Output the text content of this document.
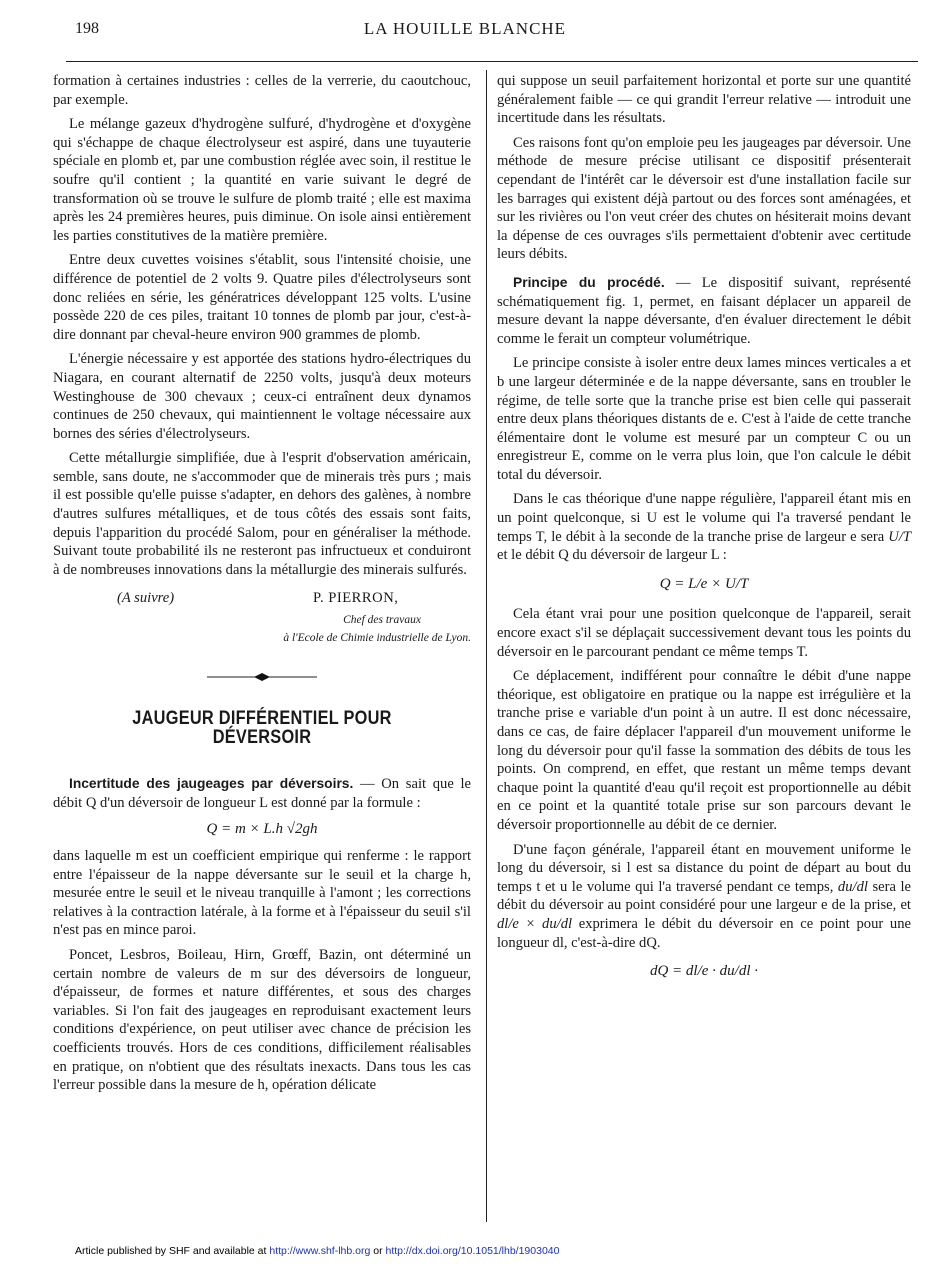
198	LA HOUILLE BLANCHE

formation à certaines industries : celles de la verrerie, du caoutchouc, par exemple.

Le mélange gazeux d'hydrogène sulfuré, d'hydrogène et d'oxygène qui s'échappe de chaque électrolyseur est aspiré, dans une tuyauterie spéciale en plomb et, par une combustion réglée avec soin, il restitue le soufre qu'il contient ; la quantité en varie suivant le degré de transformation où se trouve le sulfure de plomb traité ; elle est maxima après les 24 premières heures, puis diminue. On isole ainsi entièrement les parties constitutives de la matière première.

Entre deux cuvettes voisines s'établit, sous l'intensité choisie, une différence de potentiel de 2 volts 9. Quatre piles d'électrolyseurs sont donc reliées en série, les génératrices développant 125 volts. L'usine possède 220 de ces piles, traitant 10 tonnes de plomb par jour, c'est-à-dire donnant par cheval-heure environ 900 grammes de plomb.

L'énergie nécessaire y est apportée des stations hydro-électriques du Niagara, en courant alternatif de 2250 volts, jusqu'à deux moteurs Westinghouse de 300 chevaux ; ceux-ci entraînent deux dynamos continues de 250 chevaux, qui maintiennent le voltage nécessaire aux bornes des séries d'électrolyseurs.

Cette métallurgie simplifiée, due à l'esprit d'observation américain, semble, sans doute, ne s'accommoder que de minerais très purs ; mais il est possible qu'elle puisse s'adapter, en dehors des galènes, à nombre d'autres sulfures métalliques, et de tous côtés des essais sont faits, depuis l'apparition du procédé Salom, pour en généraliser la méthode. Suivant toute probabilité ils ne resteront pas infructueux et conduiront à de nombreuses innovations dans la métallurgie des minerais sulfurés.

(A suivre)	P. PIERRON,
Chef des travaux
à l'Ecole de Chimie industrielle de Lyon.
JAUGEUR DIFFÉRENTIEL POUR DÉVERSOIR

Incertitude des jaugeages par déversoirs. — On sait que le débit Q d'un déversoir de longueur L est donné par la formule :

Q = m × L.h √2gh

dans laquelle m est un coefficient empirique qui renferme : le rapport entre l'épaisseur de la nappe déversante sur le seuil et la charge h, mesurée entre le seuil et le niveau tranquille à l'amont ; les corrections relatives à la contraction latérale, à la forme et à l'épaisseur du seuil s'il n'est pas en mince paroi.

Poncet, Lesbros, Boileau, Hirn, Grœff, Bazin, ont déterminé un certain nombre de valeurs de m sur des déversoirs de longueur, d'épaisseur, de formes et nature différentes, et sous des charges variables. Si l'on fait des jaugeages en reproduisant exactement leurs conditions d'expérience, on peut utiliser avec chance de précision les coefficients trouvés. Hors de ces conditions, difficilement réalisables en pratique, on n'obtient que des résultats inexacts. Dans tous les cas l'erreur possible dans la mesure de h, opération délicate

qui suppose un seuil parfaitement horizontal et porte sur une quantité généralement faible — ce qui grandit l'erreur relative — introduit une incertitude dans les résultats.

Ces raisons font qu'on emploie peu les jaugeages par déversoir. Une méthode de mesure précise utilisant ce dispositif présenterait cependant de l'intérêt car le déversoir est d'une installation facile sur les barrages qui existent déjà partout ou des forces sont aménagées, et sur les rivières ou l'on veut créer des chutes on hésiterait moins devant la dépense de ces ouvrages s'ils permettaient d'obtenir avec certitude leurs débits.

Principe du procédé. — Le dispositif suivant, représenté schématiquement fig. 1, permet, en faisant déplacer un appareil de mesure devant la nappe déversante, d'en évaluer directement le débit comme le ferait un compteur volumétrique.

Le principe consiste à isoler entre deux lames minces verticales a et b une largeur déterminée e de la nappe déversante, sans en troubler le régime, de telle sorte que la tranche prise est bien celle qui passerait entre deux plans théoriques distants de e. C'est à l'aide de cette tranche élémentaire dont le volume est mesuré par un compteur C ou un enregistreur E, comme on le verra plus loin, que l'on calcule le débit total du déversoir.

Dans le cas théorique d'une nappe régulière, l'appareil étant mis en un point quelconque, si U est le volume qui l'a traversé pendant le temps T, le débit à la seconde de la tranche prise de largeur e sera U/T et le débit Q du déversoir de largeur L :

Q = L/e × U/T

Cela étant vrai pour une position quelconque de l'appareil, serait encore exact s'il se déplaçait successivement devant tous les points du déversoir en le parcourant pendant ce même temps T.

Ce déplacement, indifférent pour connaître le débit d'une nappe théorique, est obligatoire en pratique ou la nappe est irrégulière et la tranche prise e variable d'un point à un autre. Il est donc nécessaire, dans ce cas, de faire déplacer l'appareil d'un mouvement uniforme le long du déversoir pour qu'il fasse la sommation des débits de tous les points. On comprend, en effet, que restant un même temps devant chaque point la quantité d'eau qu'il reçoit est proportionnelle au débit en ce point et la quantité totale prise sur son parcours devant le déversoir proportionnelle au débit de ce dernier.

D'une façon générale, l'appareil étant en mouvement uniforme le long du déversoir, si l est sa distance du point de départ au bout du temps t et u le volume qui l'a traversé pendant ce temps, du/dl sera le débit du déversoir au point considéré pour une largeur e de la prise, et dl/e × du/dl exprimera le débit du déversoir en ce point pour une longueur dl, c'est-à-dire dQ.

dQ = dl/e · du/dl ·
Article published by SHF and available at http://www.shf-lhb.org or http://dx.doi.org/10.1051/lhb/1903040
